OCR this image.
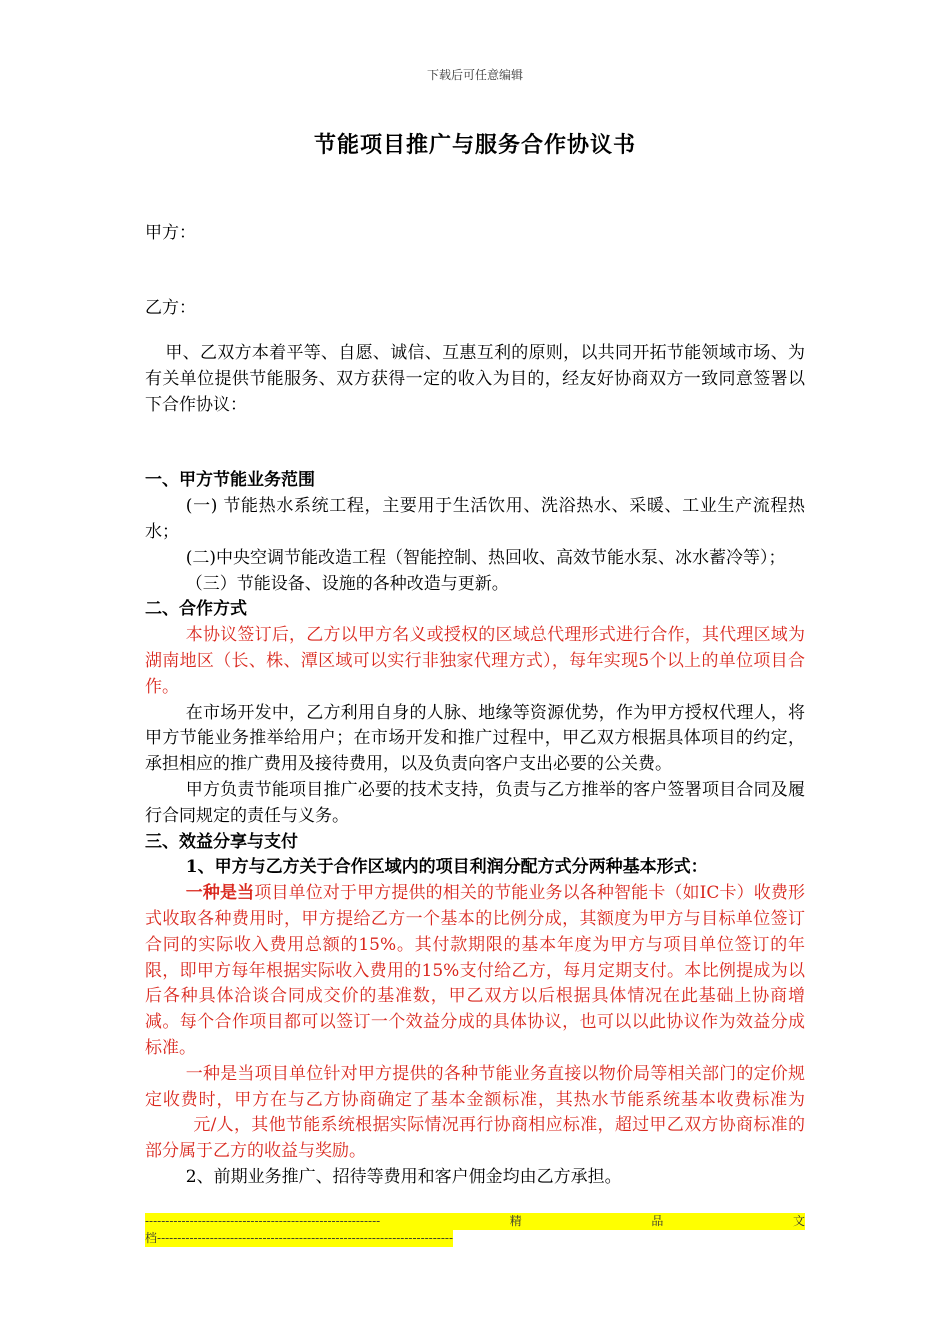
下载后可任意编辑
节能项目推广与服务合作协议书
甲方：
乙方：

甲、乙双方本着平等、自愿、诚信、互惠互利的原则，以共同开拓节能领域市场、为有关单位提供节能服务、双方获得一定的收入为目的，经友好协商双方一致同意签署以下合作协议：

一、甲方节能业务范围

(一) 节能热水系统工程，主要用于生活饮用、洗浴热水、采暖、工业生产流程热水；

(二)中央空调节能改造工程（智能控制、热回收、高效节能水泵、冰水蓄冷等）；

（三）节能设备、设施的各种改造与更新。

二、合作方式

本协议签订后，乙方以甲方名义或授权的区域总代理形式进行合作，其代理区域为湖南地区（长、株、潭区域可以实行非独家代理方式），每年实现5个以上的单位项目合作。

在市场开发中，乙方利用自身的人脉、地缘等资源优势，作为甲方授权代理人，将甲方节能业务推举给用户；在市场开发和推广过程中，甲乙双方根据具体项目的约定，承担相应的推广费用及接待费用，以及负责向客户支出必要的公关费。

甲方负责节能项目推广必要的技术支持，负责与乙方推举的客户签署项目合同及履行合同规定的责任与义务。

三、效益分享与支付

1、甲方与乙方关于合作区域内的项目利润分配方式分两种基本形式：

一种是当项目单位对于甲方提供的相关的节能业务以各种智能卡（如IC卡）收费形式收取各种费用时，甲方提给乙方一个基本的比例分成，其额度为甲方与目标单位签订合同的实际收入费用总额的15%。其付款期限的基本年度为甲方与项目单位签订的年限，即甲方每年根据实际收入费用的15%支付给乙方，每月定期支付。本比例提成为以后各种具体洽谈合同成交价的基准数，甲乙双方以后根据具体情况在此基础上协商增减。每个合作项目都可以签订一个效益分成的具体协议，也可以以此协议作为效益分成标准。

一种是当项目单位针对甲方提供的各种节能业务直接以物价局等相关部门的定价规定收费时，甲方在与乙方协商确定了基本金额标准，其热水节能系统基本收费标准为元/人，其他节能系统根据实际情况再行协商相应标准，超过甲乙双方协商标准的部分属于乙方的收益与奖励。

2、前期业务推广、招待等费用和客户佣金均由乙方承担。

----------------------------------------------------------	精	品	文
档-------------------------------------------------------------------------
